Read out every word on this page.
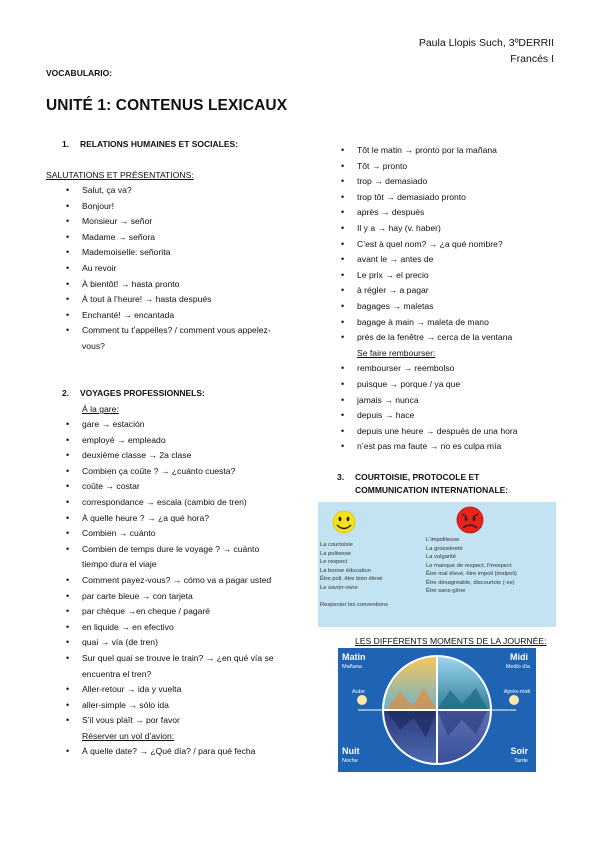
Paula Llopis Such, 3ºDERRII
Francés I
VOCABULARIO:
UNITÉ 1: CONTENUS LEXICAUX
1. RELATIONS HUMAINES ET SOCIALES:
SALUTATIONS ET PRÉSENTATIONS:
• Salut, ça va?
• Bonjour!
• Monsieur → señor
• Madame → señora
• Mademoiselle: señorita
• Au revoir
• À bientôt! → hasta pronto
• À tout à l’heure! → hasta después
• Enchanté! → encantada
• Comment tu t’appelles? / comment vous appelez-vous?
2. VOYAGES PROFESSIONNELS:
À la gare:
• gare → estación
• employé → empleado
• deuxième classe → 2a clase
• Combien ça coûte ? → ¿cuánto cuesta?
• coûte → costar
• correspondance → escala (cambio de tren)
• À quelle heure ? → ¿a qué hora?
• Combien → cuánto
• Combien de temps dure le voyage ? → cuánto tiempo dura el viaje
• Comment payez-vous? → cómo va a pagar usted
• par carte bleue → con tarjeta
• par chèque →en cheque / pagaré
• en liquide → en efectivo
• quai → vía (de tren)
• Sur quel quai se trouve le train? → ¿en qué vía se encuentra el tren?
• Aller-retour → ida y vuelta
• aller-simple → sólo ida
• S’il vous plaît → por favor
Réserver un vol d’avion:
• À quelle date? → ¿Qué día? / para qué fecha
• Tôt le matin → pronto por la mañana
• Tôt → pronto
• trop → demasiado
• trop tôt → demasiado pronto
• après → después
• Il y a → hay (v. haber)
• C’est à quel nom? → ¿a qué nombre?
• avant le → antes de
• Le prix → el precio
• à régler → a pagar
• bagages → maletas
• bagage à main → maleta de mano
• près de la fenêtre → cerca de la ventana
Se faire rembourser:
• rembourser → reembolso
• puisque → porque / ya que
• jamais → nunca
• depuis → hace
• depuis une heure → después de una hora
• n’est pas ma faute → no es culpa mía
3. COURTOISIE, PROTOCOLE ET
COMMUNICATION INTERNATIONALE:
La courtoisie
La politesse
Le respect
La bonne éducation
Être poli, être bien élevé
Le savoir-vivre

Respecter les conventions
L'impolitesse
La grossièreté
La vulgarité
Le manque de respect, l'irrespect
Être mal élevé, être impoli (malpoli)
Être désagréable, discourtois (-se)
Être sans-gêne
LES DIFFÉRENTS MOMENTS DE LA JOURNÉE:
Matin
Mañana
Midi
Medio día
Aube	Après-midi
Nuit
Noche
Soir
Tarde
